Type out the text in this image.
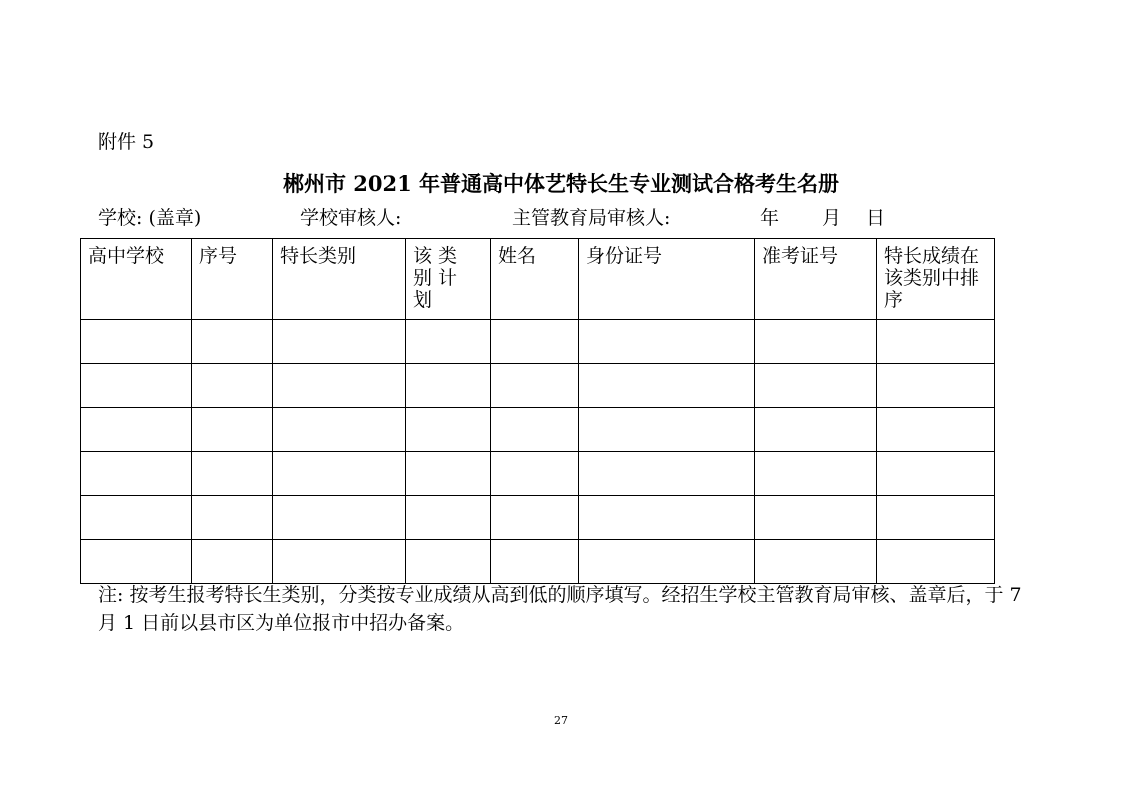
附件 5
郴州市 2021 年普通高中体艺特长生专业测试合格考生名册
学校: (盖章)	学校审核人:	主管教育局审核人:	年 月 日
高中学校	序号	特长类别	该类别计划	姓名	身份证号	准考证号	特长成绩在该类别中排序

注: 按考生报考特长生类别，分类按专业成绩从高到低的顺序填写。经招生学校主管教育局审核、盖章后，于 7 月 1 日前以县市区为单位报市中招办备案。
27
